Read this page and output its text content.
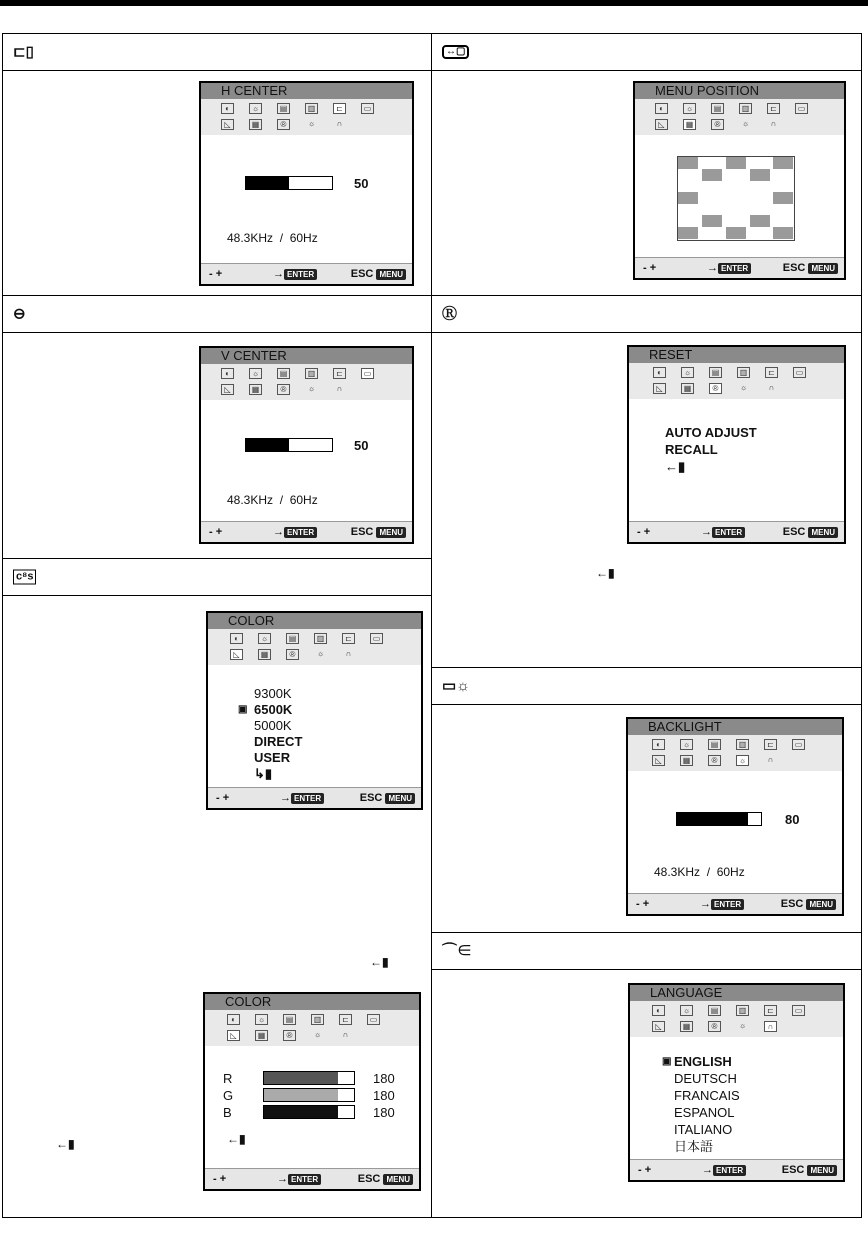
⊏▯
⊖
c⁸s
↔▢
Ⓡ
▭☼
⌒∈
H CENTER
◐	☼	▤	▥	⊏	▭
◺	▦	®	☼	∩
50
48.3KHz  /  60Hz
- +	→ ENTER	ESC MENU
MENU POSITION
◐	☼	▤	▥	⊏	▭
◺	▦	®	☼	∩
- +	→ ENTER	ESC MENU
V CENTER
◐	☼	▤	▥	⊏	▭
◺	▦	®	☼	∩
50
48.3KHz  /  60Hz
- +	→ ENTER	ESC MENU
RESET
◐	☼	▤	▥	⊏	▭
◺	▦	®	☼	∩
AUTO ADJUST
RECALL
←▮
- +	→ ENTER	ESC MENU
←▮
COLOR
◐	☼	▤	▥	⊏	▭
◺	▦	®	☼	∩
9300K
▣ 6500K
5000K
DIRECT
USER
↳▮
- +	→ ENTER	ESC MENU
←▮
COLOR
◐	☼	▤	▥	⊏	▭
◺	▦	®	☼	∩
R	180
G	180
B	180
←▮
- +	→ ENTER	ESC MENU
←▮
BACKLIGHT
◐	☼	▤	▥	⊏	▭
◺	▦	®	☼	∩
80
48.3KHz  /  60Hz
- +	→ ENTER	ESC MENU
LANGUAGE
◐	☼	▤	▥	⊏	▭
◺	▦	®	☼	∩
▣ ENGLISH
DEUTSCH
FRANCAIS
ESPANOL
ITALIANO
日本語
- +	→ ENTER	ESC MENU
